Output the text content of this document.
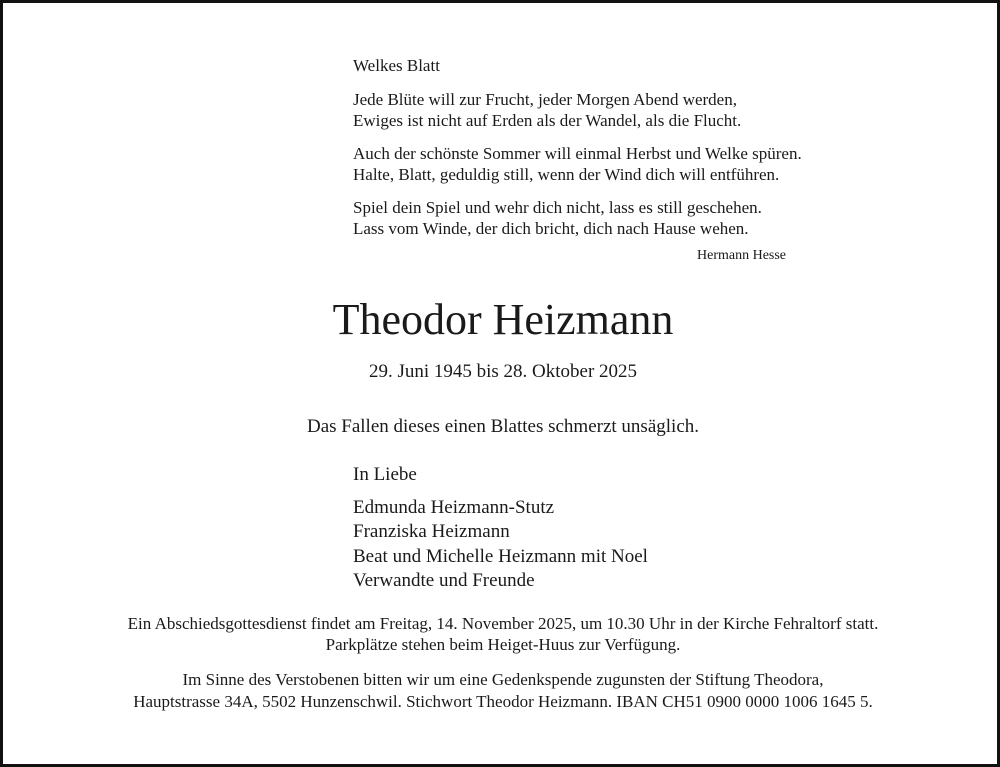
Welkes Blatt
Jede Blüte will zur Frucht, jeder Morgen Abend werden,
Ewiges ist nicht auf Erden als der Wandel, als die Flucht.
Auch der schönste Sommer will einmal Herbst und Welke spüren.
Halte, Blatt, geduldig still, wenn der Wind dich will entführen.
Spiel dein Spiel und wehr dich nicht, lass es still geschehen.
Lass vom Winde, der dich bricht, dich nach Hause wehen.
Hermann Hesse
Theodor Heizmann
29. Juni 1945 bis 28. Oktober 2025
Das Fallen dieses einen Blattes schmerzt unsäglich.
In Liebe
Edmunda Heizmann-Stutz
Franziska Heizmann
Beat und Michelle Heizmann mit Noel
Verwandte und Freunde
Ein Abschiedsgottesdienst findet am Freitag, 14. November 2025, um 10.30 Uhr in der Kirche Fehraltorf statt.
Parkplätze stehen beim Heiget-Huus zur Verfügung.
Im Sinne des Verstobenen bitten wir um eine Gedenkspende zugunsten der Stiftung Theodora,
Hauptstrasse 34A, 5502 Hunzenschwil. Stichwort Theodor Heizmann. IBAN CH51 0900 0000 1006 1645 5.
